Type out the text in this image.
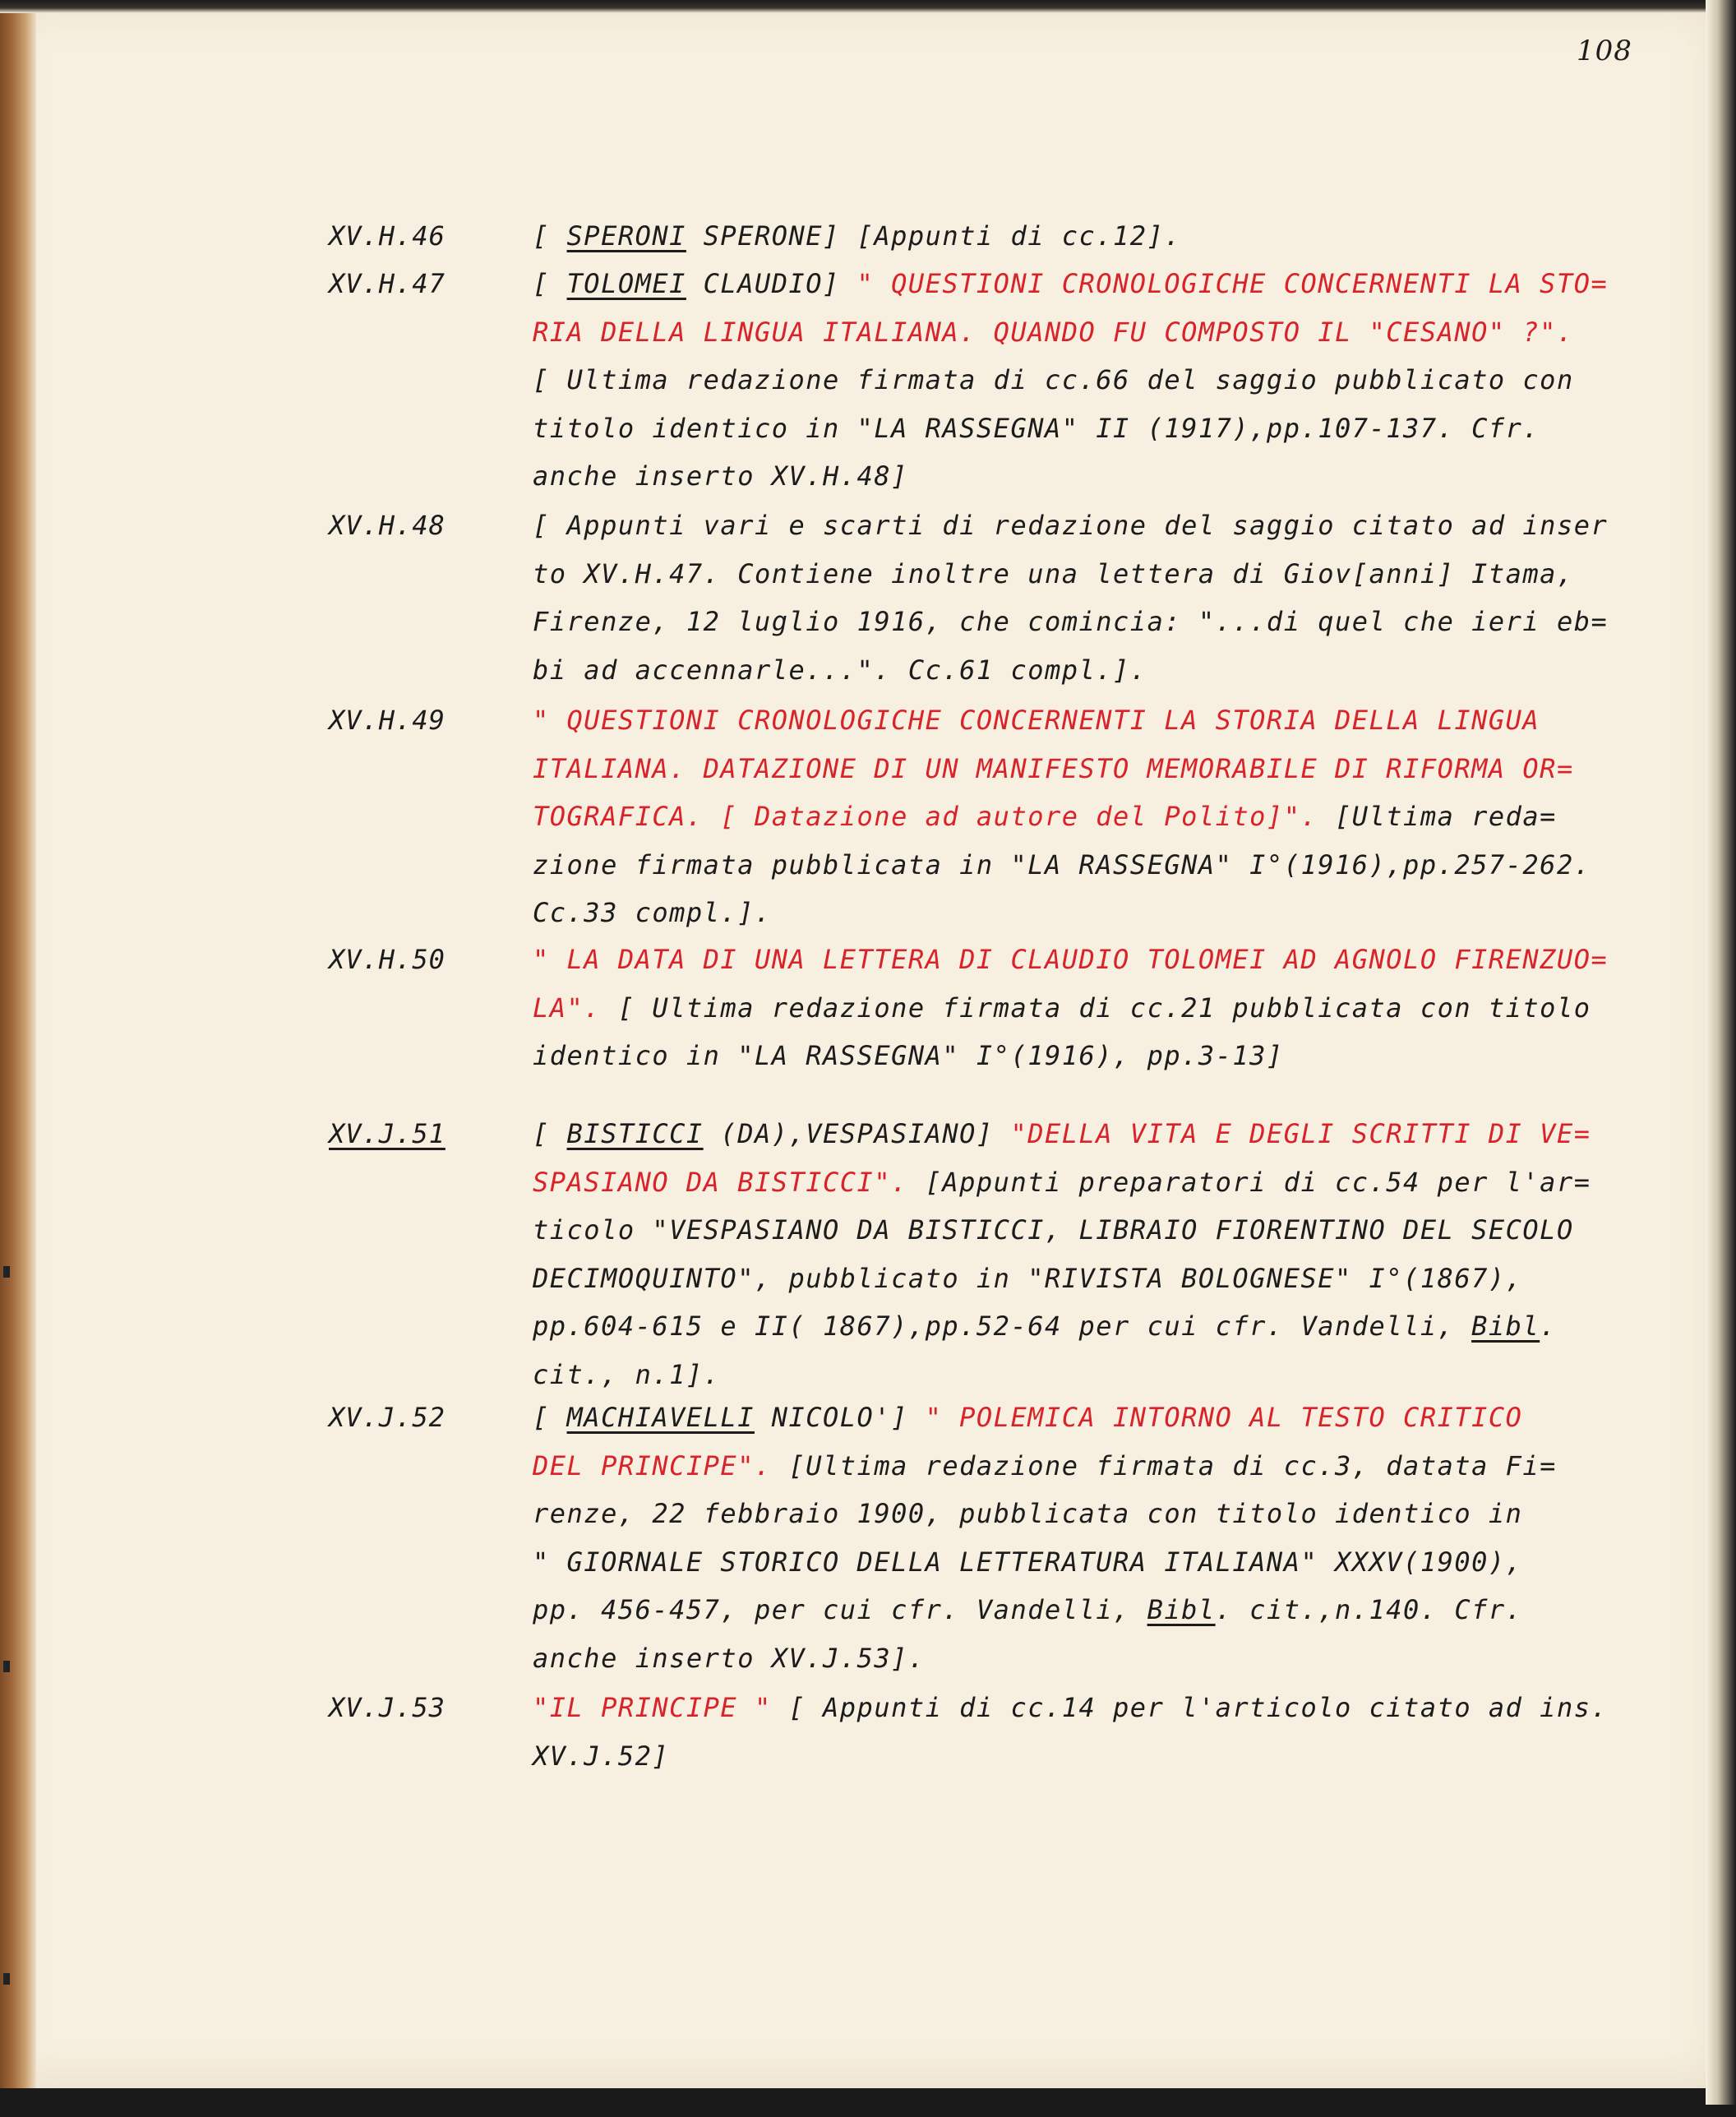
108
XV.H.46	[ SPERONI SPERONE] [Appunti di cc.12].
XV.H.47	[ TOLOMEI CLAUDIO] " QUESTIONI CRONOLOGICHE CONCERNENTI LA STO=
RIA DELLA LINGUA ITALIANA. QUANDO FU COMPOSTO IL "CESANO" ?".
[ Ultima redazione firmata di cc.66 del saggio pubblicato con
titolo identico in "LA RASSEGNA" II (1917),pp.107-137. Cfr.
anche inserto XV.H.48]
XV.H.48	[ Appunti vari e scarti di redazione del saggio citato ad inser
to XV.H.47. Contiene inoltre una lettera di Giov[anni] Itama,
Firenze, 12 luglio 1916, che comincia: "...di quel che ieri eb=
bi ad accennarle...". Cc.61 compl.].
XV.H.49	" QUESTIONI CRONOLOGICHE CONCERNENTI LA STORIA DELLA LINGUA
ITALIANA. DATAZIONE DI UN MANIFESTO MEMORABILE DI RIFORMA OR=
TOGRAFICA. [ Datazione ad autore del Polito]". [Ultima reda=
zione firmata pubblicata in "LA RASSEGNA" I°(1916),pp.257-262.
Cc.33 compl.].
XV.H.50	" LA DATA DI UNA LETTERA DI CLAUDIO TOLOMEI AD AGNOLO FIRENZUO=
LA". [ Ultima redazione firmata di cc.21 pubblicata con titolo
identico in "LA RASSEGNA" I°(1916), pp.3-13]
XV.J.51	[ BISTICCI (DA),VESPASIANO] "DELLA VITA E DEGLI SCRITTI DI VE=
SPASIANO DA BISTICCI". [Appunti preparatori di cc.54 per l'ar=
ticolo "VESPASIANO DA BISTICCI, LIBRAIO FIORENTINO DEL SECOLO
DECIMOQUINTO", pubblicato in "RIVISTA BOLOGNESE" I°(1867),
pp.604-615 e II( 1867),pp.52-64 per cui cfr. Vandelli, Bibl.
cit., n.1].
XV.J.52	[ MACHIAVELLI NICOLO'] " POLEMICA INTORNO AL TESTO CRITICO
DEL PRINCIPE". [Ultima redazione firmata di cc.3, datata Fi=
renze, 22 febbraio 1900, pubblicata con titolo identico in
" GIORNALE STORICO DELLA LETTERATURA ITALIANA" XXXV(1900),
pp. 456-457, per cui cfr. Vandelli, Bibl. cit.,n.140. Cfr.
anche inserto XV.J.53].
XV.J.53	"IL PRINCIPE " [ Appunti di cc.14 per l'articolo citato ad ins.
XV.J.52]
